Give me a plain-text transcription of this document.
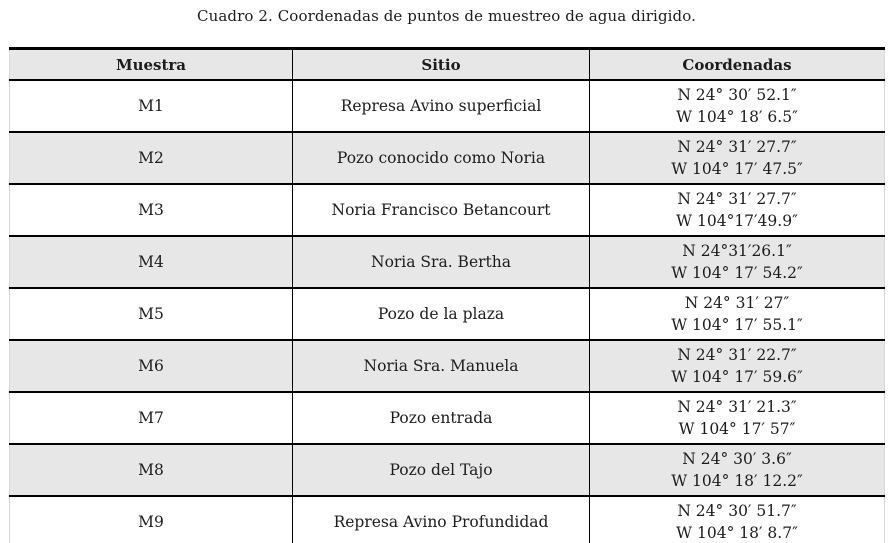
Cuadro 2. Coordenadas de puntos de muestreo de agua dirigido.
Muestra	Sitio	Coordenadas
M1	Represa Avino superficial	N 24° 30′ 52.1″
W 104° 18′ 6.5″

M2	Pozo conocido como Noria	N 24° 31′ 27.7″
W 104° 17′ 47.5″

M3	Noria Francisco Betancourt	N 24° 31′ 27.7″
W 104°17′49.9″

M4	Noria Sra. Bertha	N 24°31′26.1″
W 104° 17′ 54.2″

M5	Pozo de la plaza	N 24° 31′ 27″
W 104° 17′ 55.1″

M6	Noria Sra. Manuela	N 24° 31′ 22.7″
W 104° 17′ 59.6″

M7	Pozo entrada	N 24° 31′ 21.3″
W 104° 17′ 57″

M8	Pozo del Tajo	N 24° 30′ 3.6″
W 104° 18′ 12.2″

M9	Represa Avino Profundidad	N 24° 30′ 51.7″
W 104° 18′ 8.7″
